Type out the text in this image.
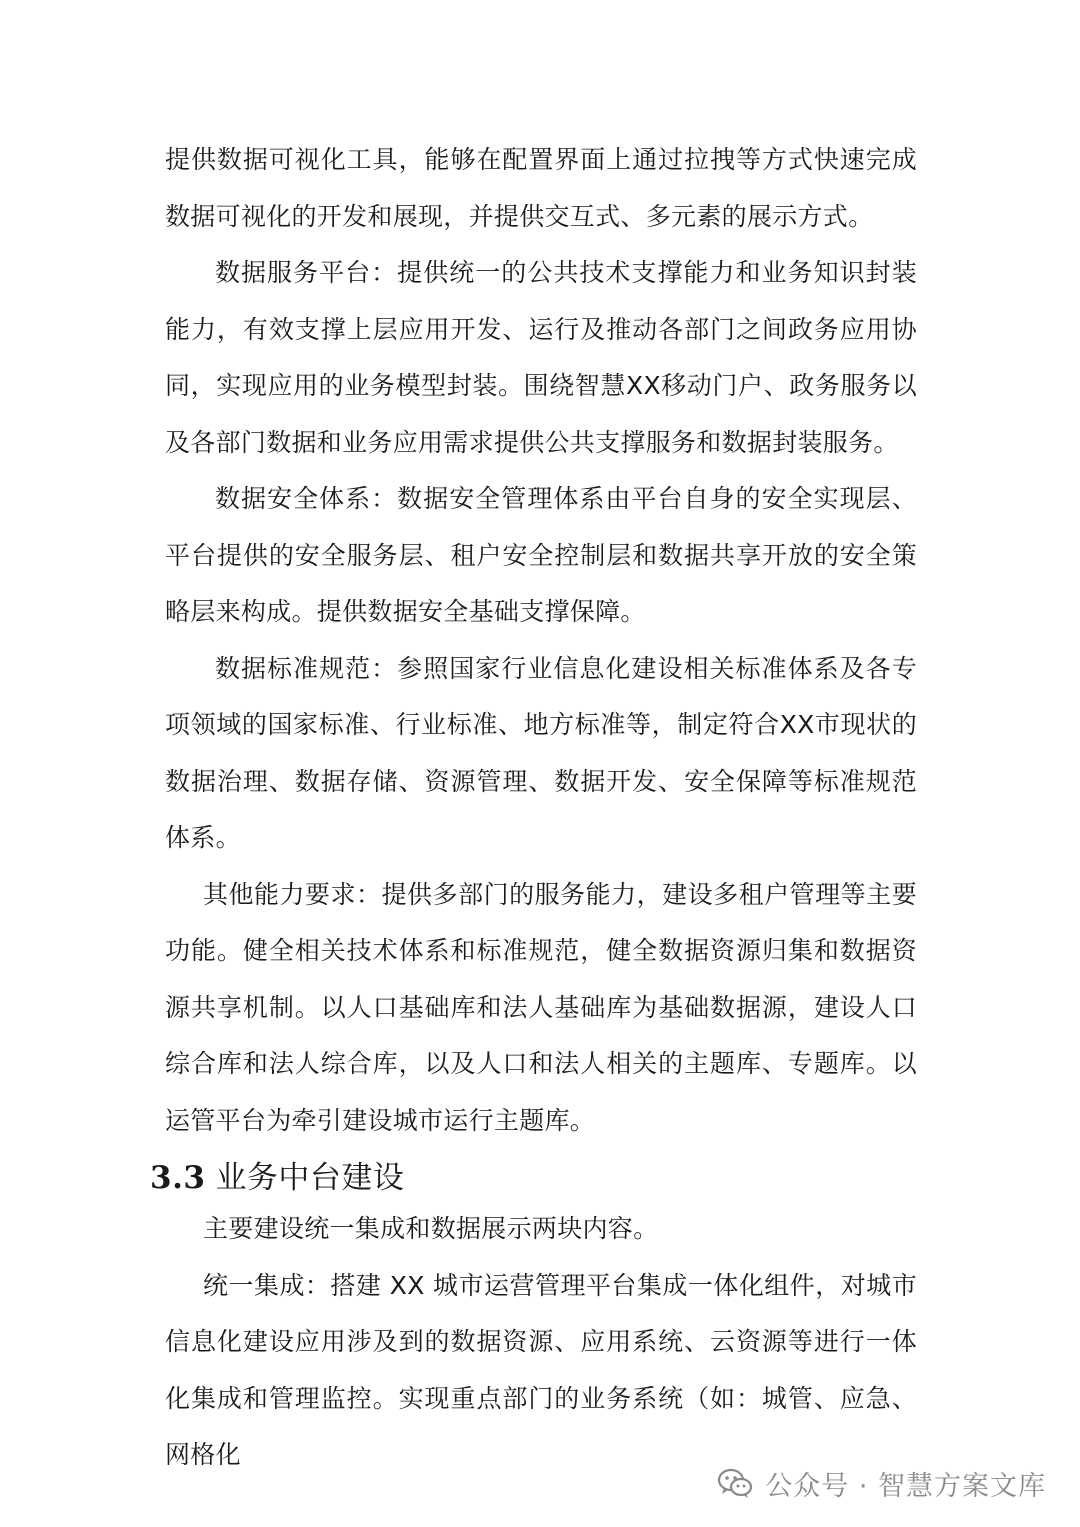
提供数据可视化工具，能够在配置界面上通过拉拽等方式快速完成数据可视化的开发和展现，并提供交互式、多元素的展示方式。

数据服务平台：提供统一的公共技术支撑能力和业务知识封装能力，有效支撑上层应用开发、运行及推动各部门之间政务应用协同，实现应用的业务模型封装。围绕智慧XX移动门户、政务服务以及各部门数据和业务应用需求提供公共支撑服务和数据封装服务。

数据安全体系：数据安全管理体系由平台自身的安全实现层、平台提供的安全服务层、租户安全控制层和数据共享开放的安全策略层来构成。提供数据安全基础支撑保障。

数据标准规范：参照国家行业信息化建设相关标准体系及各专项领域的国家标准、行业标准、地方标准等，制定符合XX市现状的数据治理、数据存储、资源管理、数据开发、安全保障等标准规范体系。

其他能力要求：提供多部门的服务能力，建设多租户管理等主要功能。健全相关技术体系和标准规范，健全数据资源归集和数据资源共享机制。以人口基础库和法人基础库为基础数据源，建设人口综合库和法人综合库，以及人口和法人相关的主题库、专题库。以运管平台为牵引建设城市运行主题库。

3.3 业务中台建设

主要建设统一集成和数据展示两块内容。

统一集成：搭建 XX 城市运营管理平台集成一体化组件，对城市信息化建设应用涉及到的数据资源、应用系统、云资源等进行一体化集成和管理监控。实现重点部门的业务系统（如：城管、应急、网格化

公众号 · 智慧方案文库
